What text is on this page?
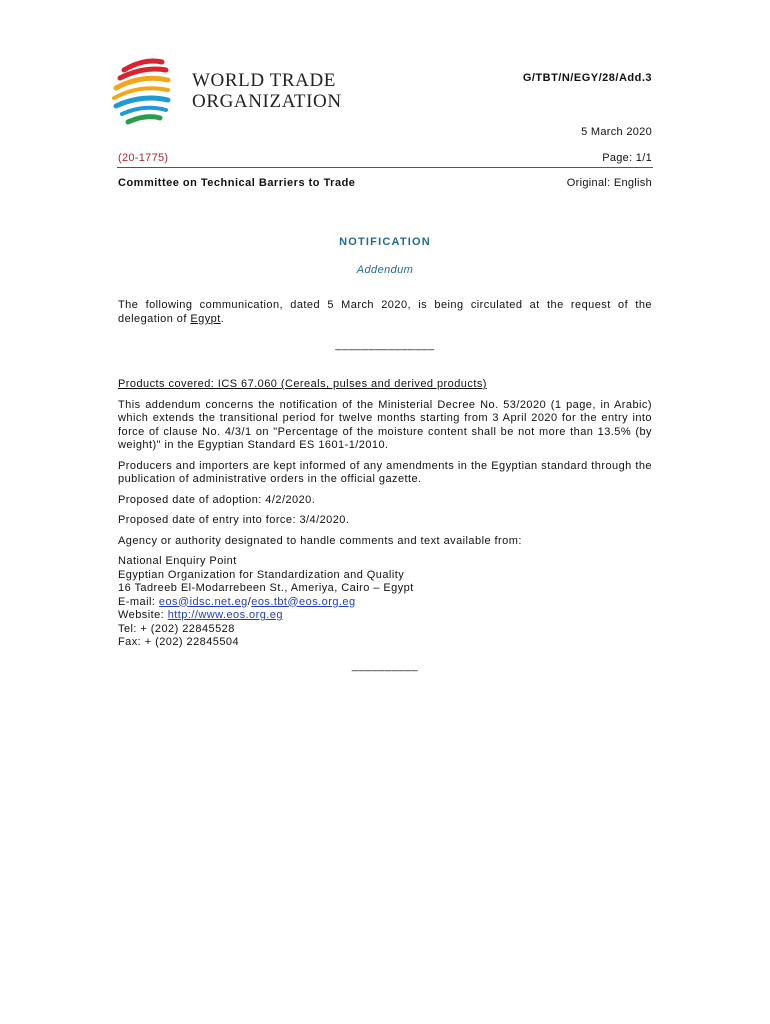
WORLD TRADE
ORGANIZATION
G/TBT/N/EGY/28/Add.3
5 March 2020
(20-1775)	Page: 1/1
Committee on Technical Barriers to Trade	Original: English
NOTIFICATION
Addendum
The following communication, dated 5 March 2020, is being circulated at the request of the delegation of Egypt.
_______________

Products covered: ICS 67.060 (Cereals, pulses and derived products)

This addendum concerns the notification of the Ministerial Decree No. 53/2020 (1 page, in Arabic) which extends the transitional period for twelve months starting from 3 April 2020 for the entry into force of clause No. 4/3/1 on "Percentage of the moisture content shall be not more than 13.5% (by weight)" in the Egyptian Standard ES 1601-1/2010.

Producers and importers are kept informed of any amendments in the Egyptian standard through the publication of administrative orders in the official gazette.

Proposed date of adoption: 4/2/2020.

Proposed date of entry into force: 3/4/2020.

Agency or authority designated to handle comments and text available from:

National Enquiry Point
Egyptian Organization for Standardization and Quality
16 Tadreeb El-Modarrebeen St., Ameriya, Cairo – Egypt
E-mail: eos@idsc.net.eg/eos.tbt@eos.org.eg
Website: http://www.eos.org.eg
Tel: + (202) 22845528
Fax: + (202) 22845504
__________
